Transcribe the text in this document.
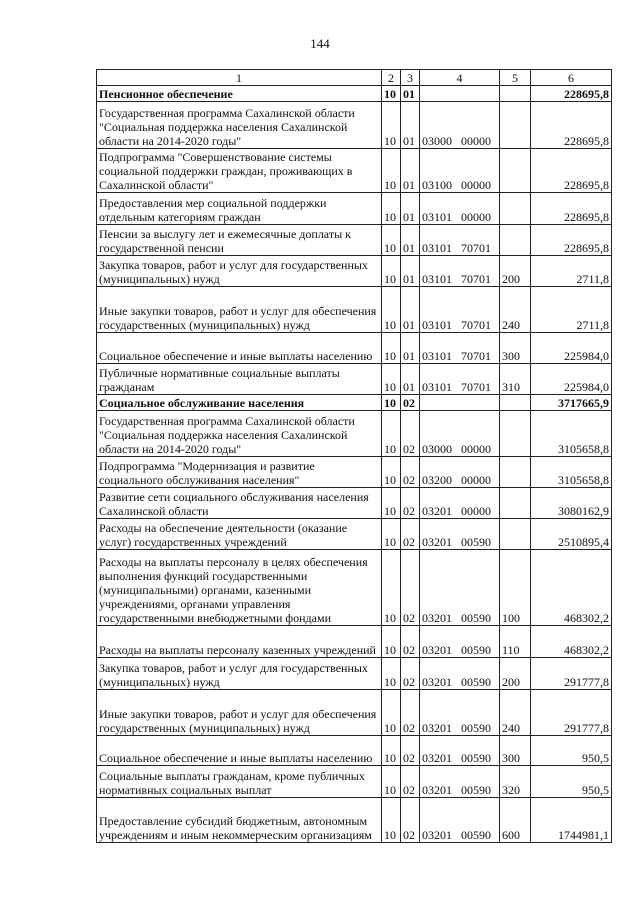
144
1	2	3	4	5	6
Пенсионное обеспечение	10	01			228695,8
Государственная программа Сахалинской области "Социальная поддержка населения Сахалинской области на 2014-2020 годы"	10	01	03000 00000		228695,8
Подпрограмма "Совершенствование системы социальной поддержки граждан, проживающих в Сахалинской области"	10	01	03100 00000		228695,8
Предоставления мер социальной поддержки отдельным категориям граждан	10	01	03101 00000		228695,8
Пенсии за выслугу лет и ежемесячные доплаты к государственной пенсии	10	01	03101 70701		228695,8
Закупка товаров, работ и услуг для государственных (муниципальных) нужд	10	01	03101 70701	200	2711,8
Иные закупки товаров, работ и услуг для обеспечения государственных (муниципальных) нужд	10	01	03101 70701	240	2711,8
Социальное обеспечение и иные выплаты населению	10	01	03101 70701	300	225984,0
Публичные нормативные социальные выплаты гражданам	10	01	03101 70701	310	225984,0
Социальное обслуживание населения	10	02			3717665,9
Государственная программа Сахалинской области "Социальная поддержка населения Сахалинской области на 2014-2020 годы"	10	02	03000 00000		3105658,8
Подпрограмма "Модернизация и развитие социального обслуживания населения"	10	02	03200 00000		3105658,8
Развитие сети социального обслуживания населения Сахалинской области	10	02	03201 00000		3080162,9
Расходы на обеспечение деятельности (оказание услуг) государственных учреждений	10	02	03201 00590		2510895,4
Расходы на выплаты персоналу в целях обеспечения выполнения функций государственными (муниципальными) органами, казенными учреждениями, органами управления государственными внебюджетными фондами	10	02	03201 00590	100	468302,2
Расходы на выплаты персоналу казенных учреждений	10	02	03201 00590	110	468302,2
Закупка товаров, работ и услуг для государственных (муниципальных) нужд	10	02	03201 00590	200	291777,8
Иные закупки товаров, работ и услуг для обеспечения государственных (муниципальных) нужд	10	02	03201 00590	240	291777,8
Социальное обеспечение и иные выплаты населению	10	02	03201 00590	300	950,5
Социальные выплаты гражданам, кроме публичных нормативных социальных выплат	10	02	03201 00590	320	950,5
Предоставление субсидий бюджетным, автономным учреждениям и иным некоммерческим организациям	10	02	03201 00590	600	1744981,1
